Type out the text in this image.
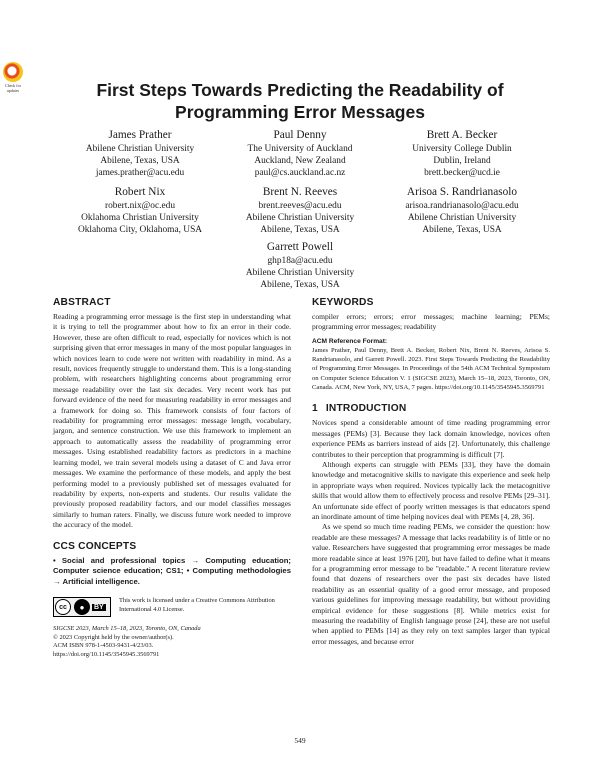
Check for updates	First Steps Towards Predicting the Readability of
Programming Error Messages
James Prather
Abilene Christian University
Abilene, Texas, USA
james.prather@acu.edu
Paul Denny
The University of Auckland
Auckland, New Zealand
paul@cs.auckland.ac.nz
Brett A. Becker
University College Dublin
Dublin, Ireland
brett.becker@ucd.ie
Robert Nix
robert.nix@oc.edu
Oklahoma Christian University
Oklahoma City, Oklahoma, USA
Brent N. Reeves
brent.reeves@acu.edu
Abilene Christian University
Abilene, Texas, USA
Arisoa S. Randrianasolo
arisoa.randrianasolo@acu.edu
Abilene Christian University
Abilene, Texas, USA
Garrett Powell
ghp18a@acu.edu
Abilene Christian University
Abilene, Texas, USA
ABSTRACT

Reading a programming error message is the first step in understanding what it is trying to tell the programmer about how to fix an error in their code. However, these are often difficult to read, especially for novices which is not surprising given that error messages in many of the most popular languages in which novices learn to code were not written with readability in mind. As a result, novices frequently struggle to understand them. This is a long-standing problem, with researchers highlighting concerns about programming error message readability over the last six decades. Very recent work has put forward evidence of the need for measuring readability in error messages and a framework for doing so. This framework consists of four factors of readability for programming error messages: message length, vocabulary, jargon, and sentence construction. We use this framework to implement an approach to automatically assess the readability of programming error messages. Using established readability factors as predictors in a machine learning model, we train several models using a dataset of C and Java error messages. We examine the performance of these models, and apply the best performing model to a previously published set of messages evaluated for readability by experts, non-experts and students. Our results validate the previously proposed readability factors, and our model classifies messages similarly to human raters. Finally, we discuss future work needed to improve the accuracy of the model.

CCS CONCEPTS
• Social and professional topics → Computing education; Computer science education; CS1; • Computing methodologies → Artificial intelligence.
cc	●	BY
This work is licensed under a Creative Commons Attribution International 4.0 License.
SIGCSE 2023, March 15–18, 2023, Toronto, ON, Canada
© 2023 Copyright held by the owner/author(s).
ACM ISBN 978-1-4503-9431-4/23/03.
https://doi.org/10.1145/3545945.3569791
KEYWORDS
compiler errors; errors; error messages; machine learning; PEMs; programming error messages; readability
ACM Reference Format:
James Prather, Paul Denny, Brett A. Becker, Robert Nix, Brent N. Reeves, Arisoa S. Randrianasolo, and Garrett Powell. 2023. First Steps Towards Predicting the Readability of Programming Error Messages. In Proceedings of the 54th ACM Technical Symposium on Computer Science Education V. 1 (SIGCSE 2023), March 15–18, 2023, Toronto, ON, Canada. ACM, New York, NY, USA, 7 pages. https://doi.org/10.1145/3545945.3569791
1 INTRODUCTION

Novices spend a considerable amount of time reading programming error messages (PEMs) [3]. Because they lack domain knowledge, novices often experience PEMs as barriers instead of aids [2]. Unfortunately, this challenge contributes to their perception that programming is difficult [7].

Although experts can struggle with PEMs [33], they have the domain knowledge and metacognitive skills to navigate this experience and seek help in appropriate ways when required. Novices typically lack the metacognitive skills that would allow them to effectively process and resolve PEMs [29–31]. An unfortunate side effect of poorly written messages is that educators spend an inordinate amount of time helping novices deal with PEMs [4, 28, 36].

As we spend so much time reading PEMs, we consider the question: how readable are these messages? A message that lacks readability is of little or no value. Researchers have suggested that programming error messages be made more readable since at least 1976 [20], but have failed to define what it means for a programming error message to be "readable." A recent literature review found that dozens of researchers over the past six decades have listed readability as an essential quality of a good error message, and proposed various guidelines for improving message readability, but without providing empirical evidence for these suggestions [8]. While metrics exist for measuring the readability of English language prose [24], these are not useful when applied to PEMs [14] as they rely on text samples larger than typical error messages, and because error

549
